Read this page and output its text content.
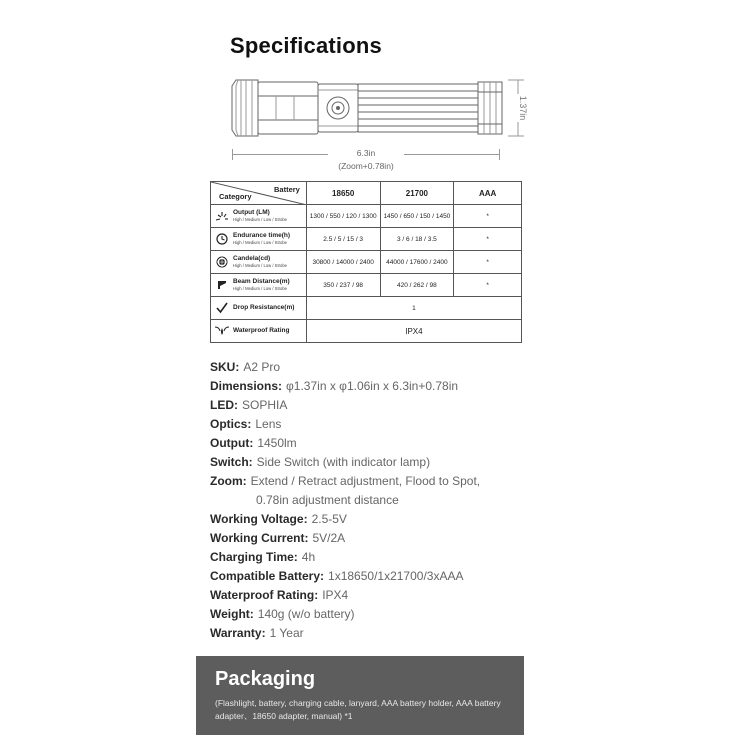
Specifications
1.37in
6.3in
(Zoom+0.78in)
Battery
Category	18650	21700	AAA

Output (LM)
High / Medium / Low / Strobe	1300 / 550 / 120 / 1300	1450 / 650 / 150 / 1450	*

Endurance time(h)
High / Medium / Low / Strobe	2.5 / 5 / 15 / 3	3 / 6 / 18 / 3.5	*

Candela(cd)
High / Medium / Low / Strobe	30800 / 14000 / 2400	44000 / 17600 / 2400	*

Beam Distance(m)
High / Medium / Low / Strobe	350 / 237 / 98	420 / 262 / 98	*

Drop Resistance(m)	1		

Waterproof Rating	IPX4		
SKU: A2 Pro
Dimensions: φ1.37in x φ1.06in x 6.3in+0.78in
LED: SOPHIA
Optics: Lens
Output: 1450lm
Switch: Side Switch (with indicator lamp)
Zoom: Extend / Retract adjustment, Flood to Spot,
0.78in adjustment distance
Working Voltage: 2.5-5V
Working Current: 5V/2A
Charging Time: 4h
Compatible Battery: 1x18650/1x21700/3xAAA
Waterproof Rating: IPX4
Weight: 140g (w/o battery)
Warranty: 1 Year
Packaging
(Flashlight, battery, charging cable, lanyard, AAA battery holder, AAA battery adapter、18650 adapter, manual) *1
